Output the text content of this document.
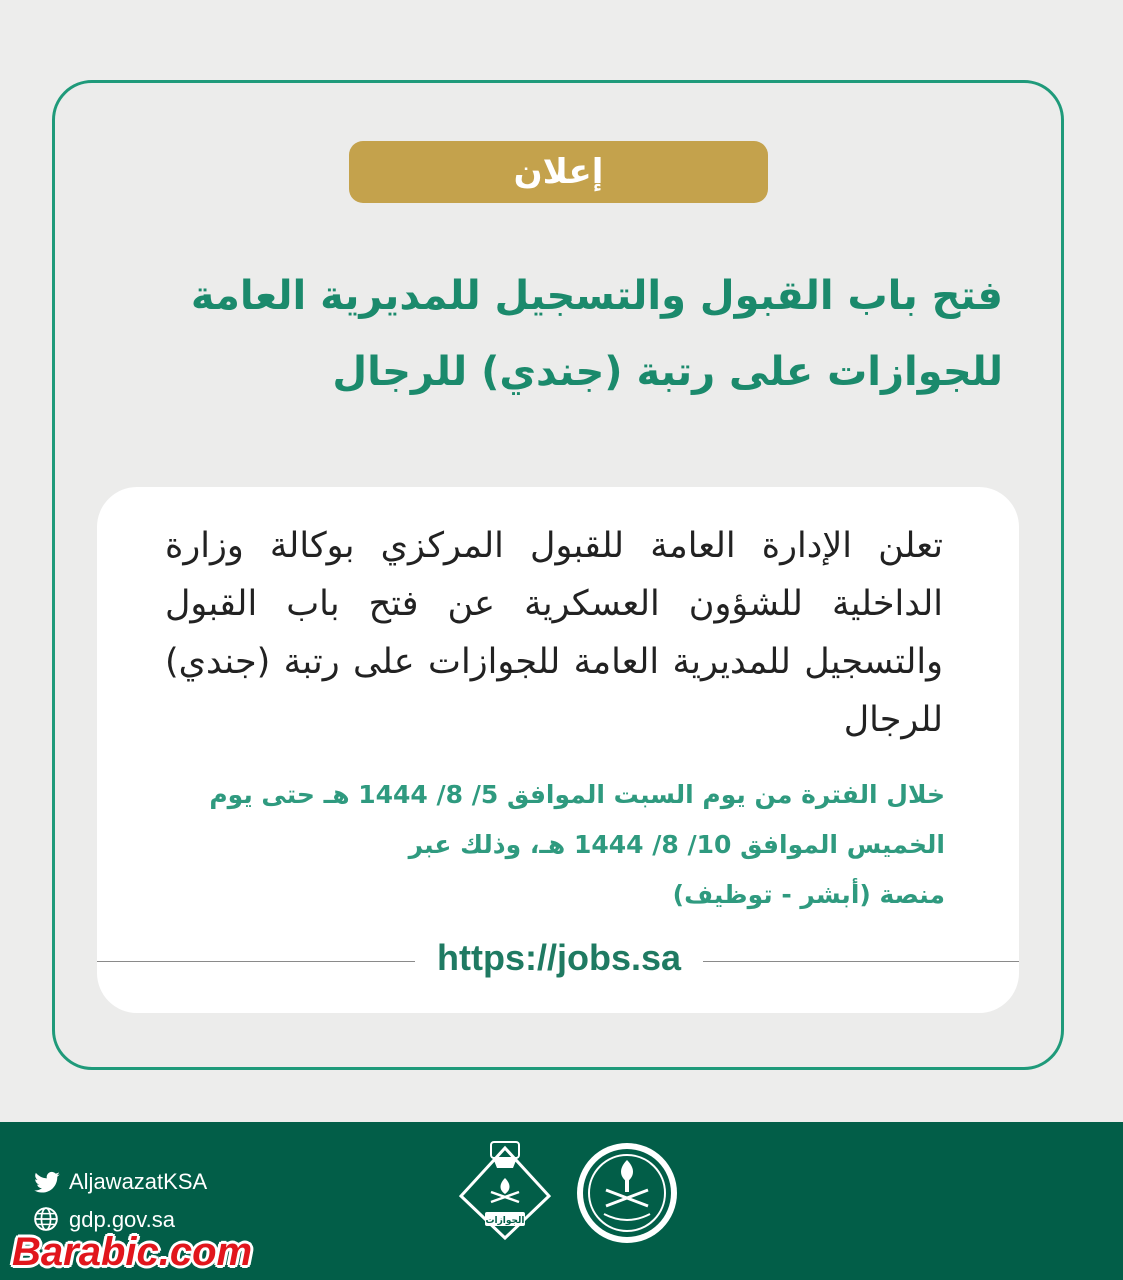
إعلان
فتح باب القبول والتسجيل للمديرية العامة
للجوازات على رتبة (جندي) للرجال

تعلن الإدارة العامة للقبول المركزي بوكالة وزارة الداخلية للشؤون العسكرية عن فتح باب القبول والتسجيل للمديرية العامة للجوازات على رتبة (جندي) للرجال

خلال الفترة من يوم السبت الموافق 5/ 8/ 1444 هـ حتى يوم
الخميس الموافق 10/ 8/ 1444 هـ، وذلك عبر
منصة (أبشر - توظيف)

https://jobs.sa
AljawazatKSA
gdp.gov.sa
Barabic.com
الجوازات
